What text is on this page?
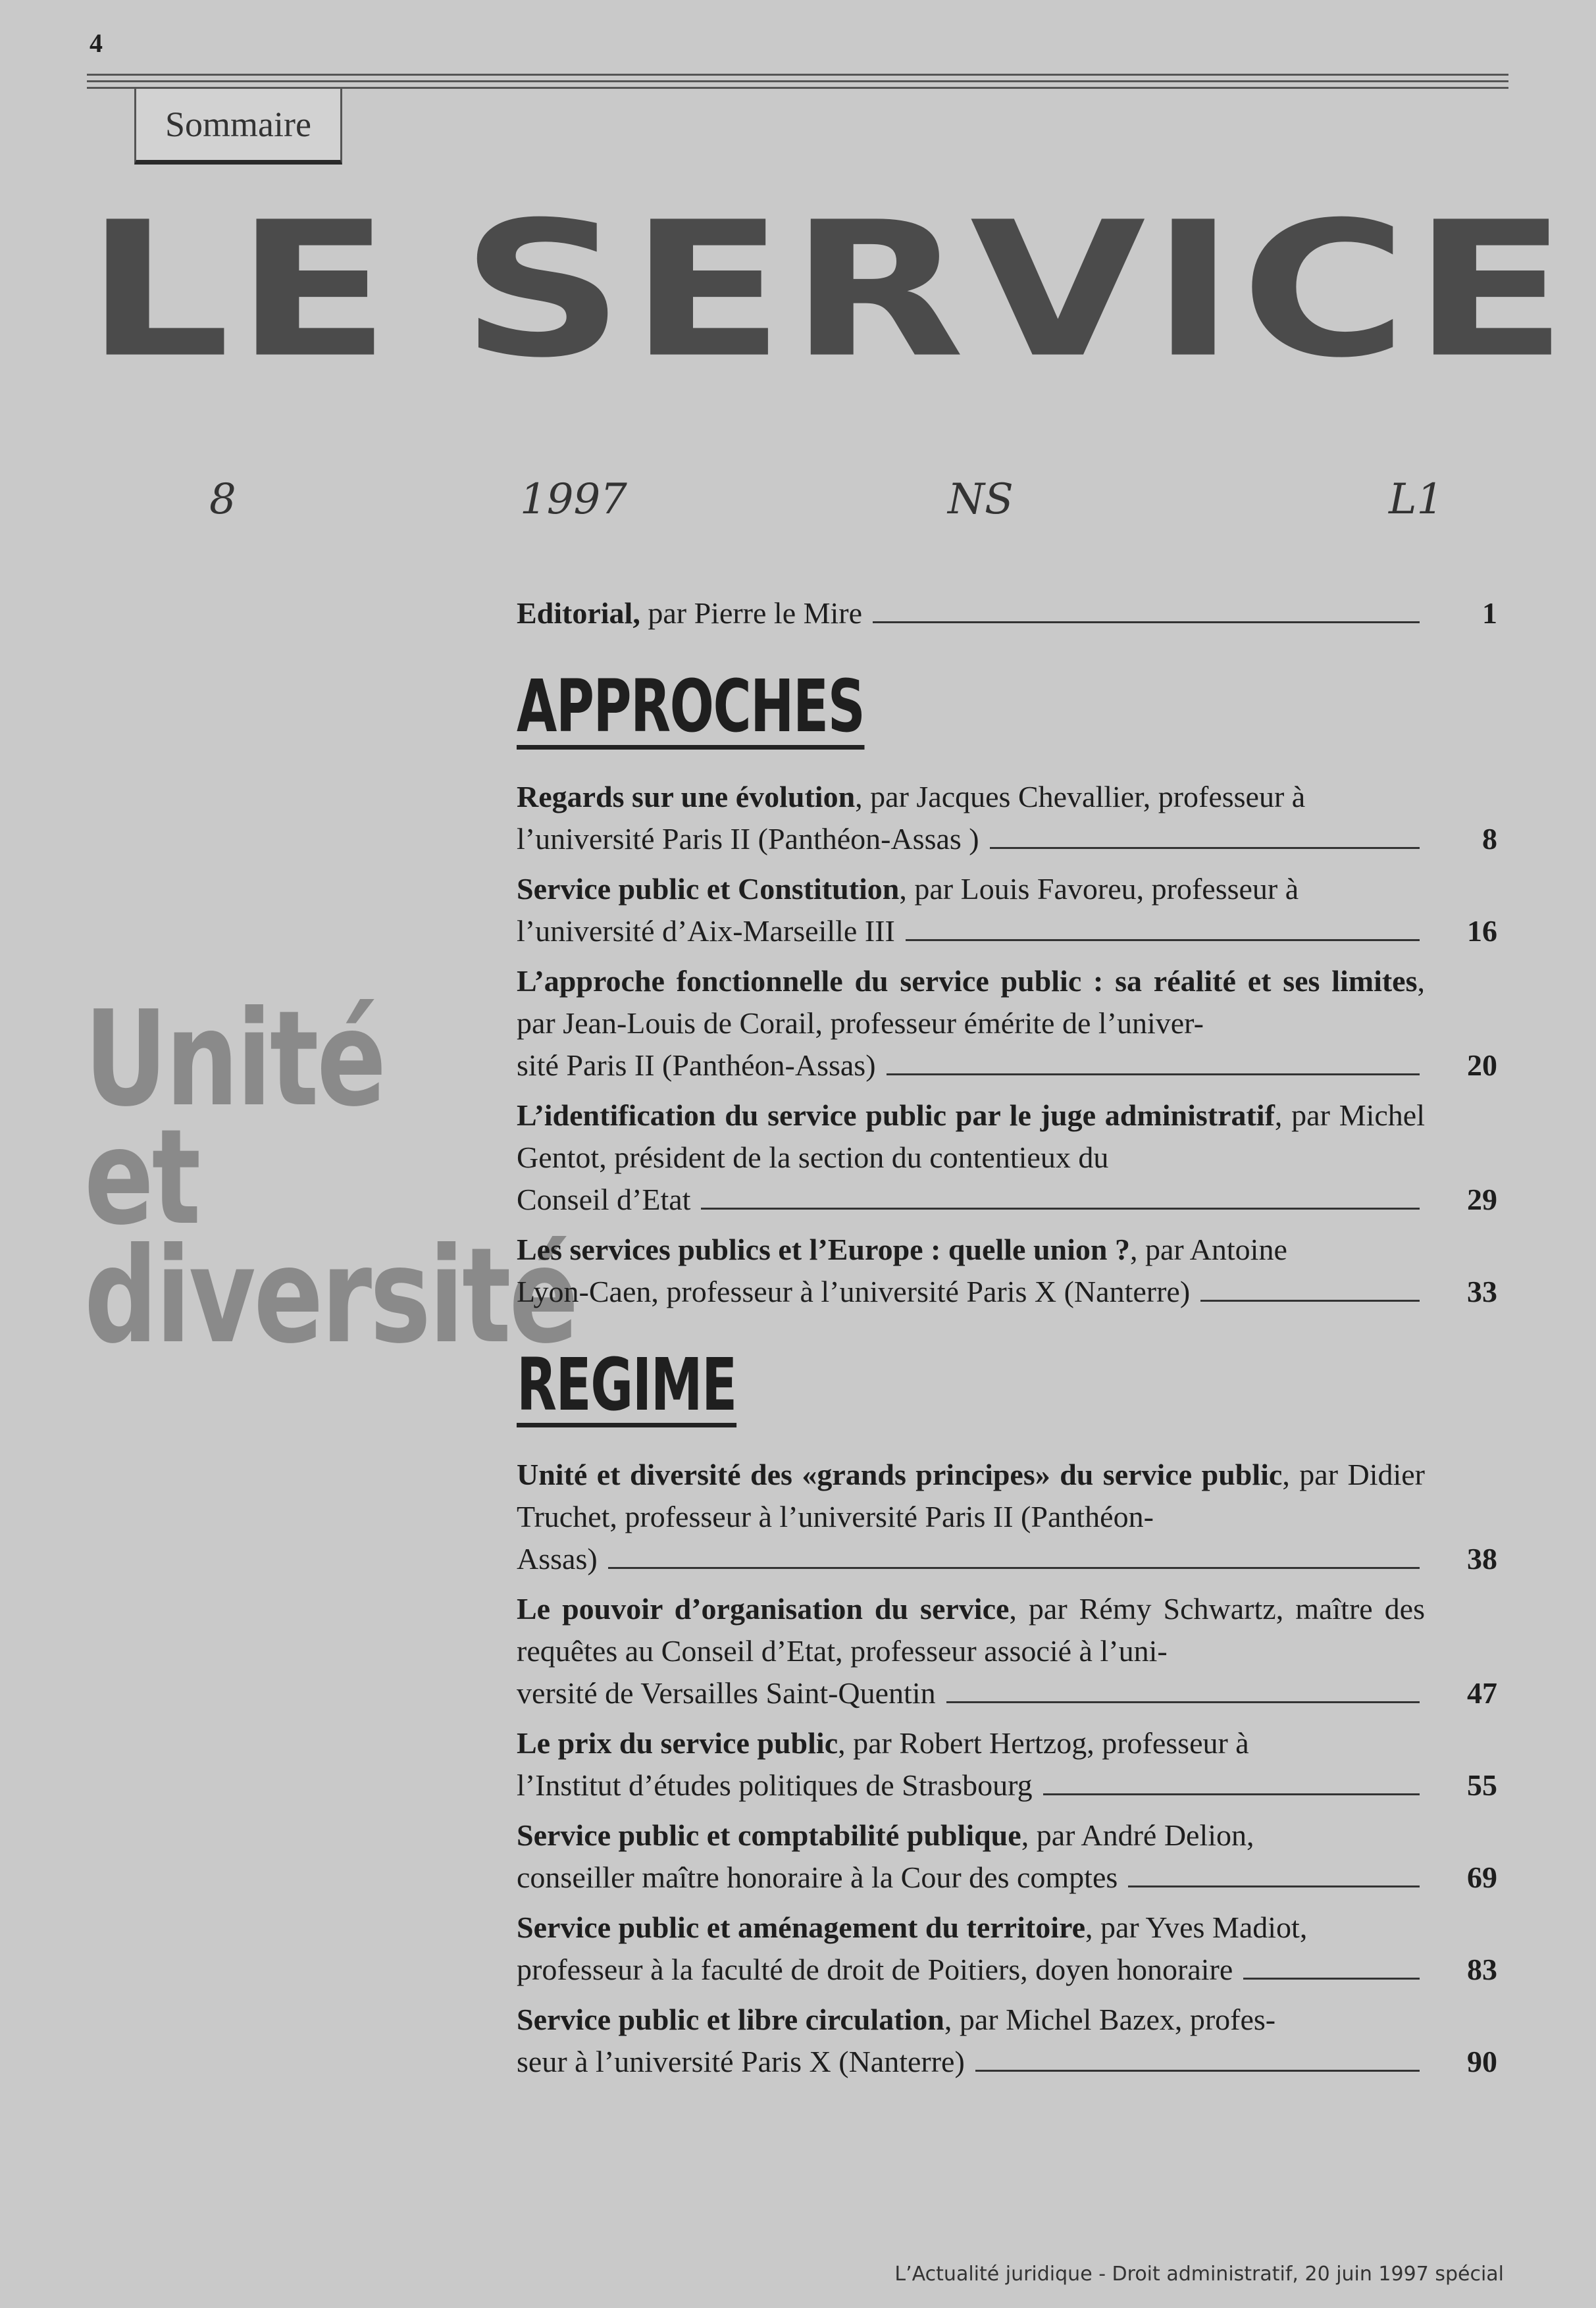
4
Sommaire
LE SERVICE
8	1997	NS	L1
Unité
et
diversité
Editorial, par Pierre le Mire	1
APPROCHES
Regards sur une évolution, par Jacques Chevallier, professeur à
l’université Paris II (Panthéon-Assas )	8
Service public et Constitution, par Louis Favoreu, professeur à
l’université d’Aix-Marseille III	16
L’approche fonctionnelle du service public : sa réalité et ses limites, par Jean-Louis de Corail, professeur émérite de l’univer-
sité Paris II (Panthéon-Assas)	20
L’identification du service public par le juge administratif, par Michel Gentot, président de la section du contentieux du
Conseil d’Etat	29
Les services publics et l’Europe : quelle union ?, par Antoine
Lyon-Caen, professeur à l’université Paris X (Nanterre)	33
REGIME
Unité et diversité des «grands principes» du service public, par Didier Truchet, professeur à l’université Paris II (Panthéon-
Assas)	38
Le pouvoir d’organisation du service, par Rémy Schwartz, maître des requêtes au Conseil d’Etat, professeur associé à l’uni-
versité de Versailles Saint-Quentin	47
Le prix du service public, par Robert Hertzog, professeur à
l’Institut d’études politiques de Strasbourg	55
Service public et comptabilité publique, par André Delion,
conseiller maître honoraire à la Cour des comptes	69
Service public et aménagement du territoire, par Yves Madiot,
professeur à la faculté de droit de Poitiers, doyen honoraire	83
Service public et libre circulation, par Michel Bazex, profes-
seur à l’université Paris X (Nanterre)	90
L’Actualité juridique - Droit administratif, 20 juin 1997 spécial
